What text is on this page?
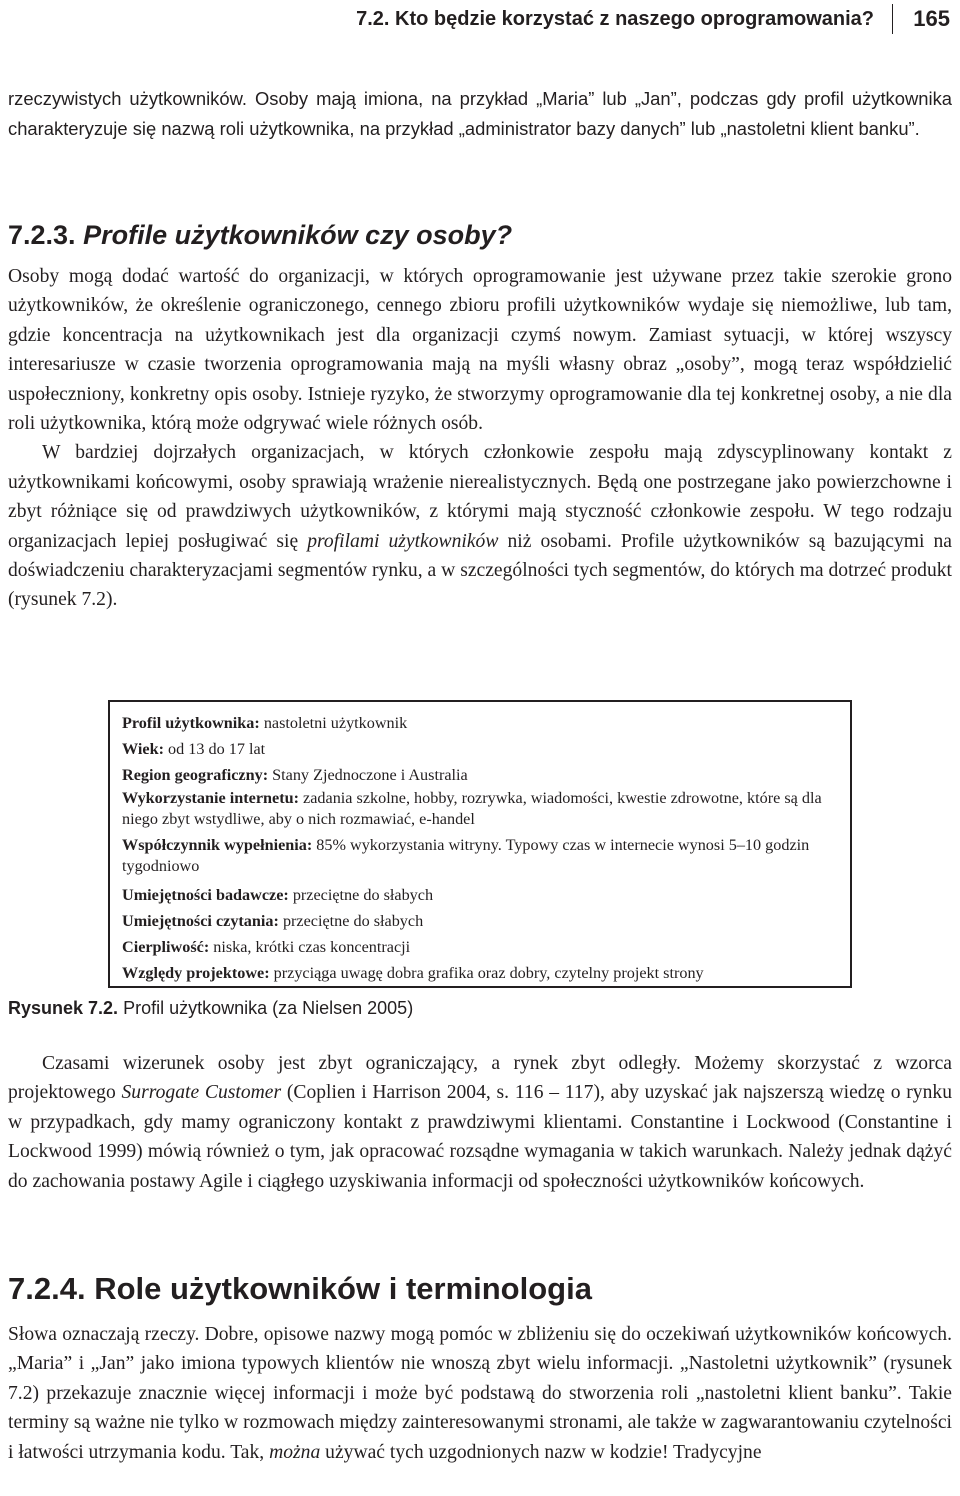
7.2. Kto będzie korzystać z naszego oprogramowania? 165

rzeczywistych użytkowników. Osoby mają imiona, na przykład „Maria” lub „Jan”, podczas gdy profil użytkownika charakteryzuje się nazwą roli użytkownika, na przykład „administrator bazy danych” lub „nastoletni klient banku”.

7.2.3. Profile użytkowników czy osoby?

Osoby mogą dodać wartość do organizacji, w których oprogramowanie jest używane przez takie szerokie grono użytkowników, że określenie ograniczonego, cennego zbioru profili użytkowników wydaje się niemożliwe, lub tam, gdzie koncentracja na użytkownikach jest dla organizacji czymś nowym. Zamiast sytuacji, w której wszyscy interesariusze w czasie tworzenia oprogramowania mają na myśli własny obraz „osoby”, mogą teraz współdzielić uspołeczniony, konkretny opis osoby. Istnieje ryzyko, że stworzymy oprogramowanie dla tej konkretnej osoby, a nie dla roli użytkownika, którą może odgrywać wiele różnych osób.

W bardziej dojrzałych organizacjach, w których członkowie zespołu mają zdyscyplinowany kontakt z użytkownikami końcowymi, osoby sprawiają wrażenie nierealistycznych. Będą one postrzegane jako powierzchowne i zbyt różniące się od prawdziwych użytkowników, z którymi mają styczność członkowie zespołu. W tego rodzaju organizacjach lepiej posługiwać się profilami użytkowników niż osobami. Profile użytkowników są bazującymi na doświadczeniu charakteryzacjami segmentów rynku, a w szczególności tych segmentów, do których ma dotrzeć produkt (rysunek 7.2).

Profil użytkownika: nastoletni użytkownik
Wiek: od 13 do 17 lat
Region geograficzny: Stany Zjednoczone i Australia
Wykorzystanie internetu: zadania szkolne, hobby, rozrywka, wiadomości, kwestie zdrowotne, które są dla niego zbyt wstydliwe, aby o nich rozmawiać, e-handel
Współczynnik wypełnienia: 85% wykorzystania witryny. Typowy czas w internecie wynosi 5–10 godzin tygodniowo
Umiejętności badawcze: przeciętne do słabych
Umiejętności czytania: przeciętne do słabych
Cierpliwość: niska, krótki czas koncentracji
Względy projektowe: przyciąga uwagę dobra grafika oraz dobry, czytelny projekt strony
Rysunek 7.2. Profil użytkownika (za Nielsen 2005)

Czasami wizerunek osoby jest zbyt ograniczający, a rynek zbyt odległy. Możemy skorzystać z wzorca projektowego Surrogate Customer (Coplien i Harrison 2004, s. 116 – 117), aby uzyskać jak najszerszą wiedzę o rynku w przypadkach, gdy mamy ograniczony kontakt z prawdziwymi klientami. Constantine i Lockwood (Constantine i Lockwood 1999) mówią również o tym, jak opracować rozsądne wymagania w takich warunkach. Należy jednak dążyć do zachowania postawy Agile i ciągłego uzyskiwania informacji od społeczności użytkowników końcowych.

7.2.4. Role użytkowników i terminologia

Słowa oznaczają rzeczy. Dobre, opisowe nazwy mogą pomóc w zbliżeniu się do oczekiwań użytkowników końcowych. „Maria” i „Jan” jako imiona typowych klientów nie wnoszą zbyt wielu informacji. „Nastoletni użytkownik” (rysunek 7.2) przekazuje znacznie więcej informacji i może być podstawą do stworzenia roli „nastoletni klient banku”. Takie terminy są ważne nie tylko w rozmowach między zainteresowanymi stronami, ale także w zagwarantowaniu czytelności i łatwości utrzymania kodu. Tak, można używać tych uzgodnionych nazw w kodzie! Tradycyjne
